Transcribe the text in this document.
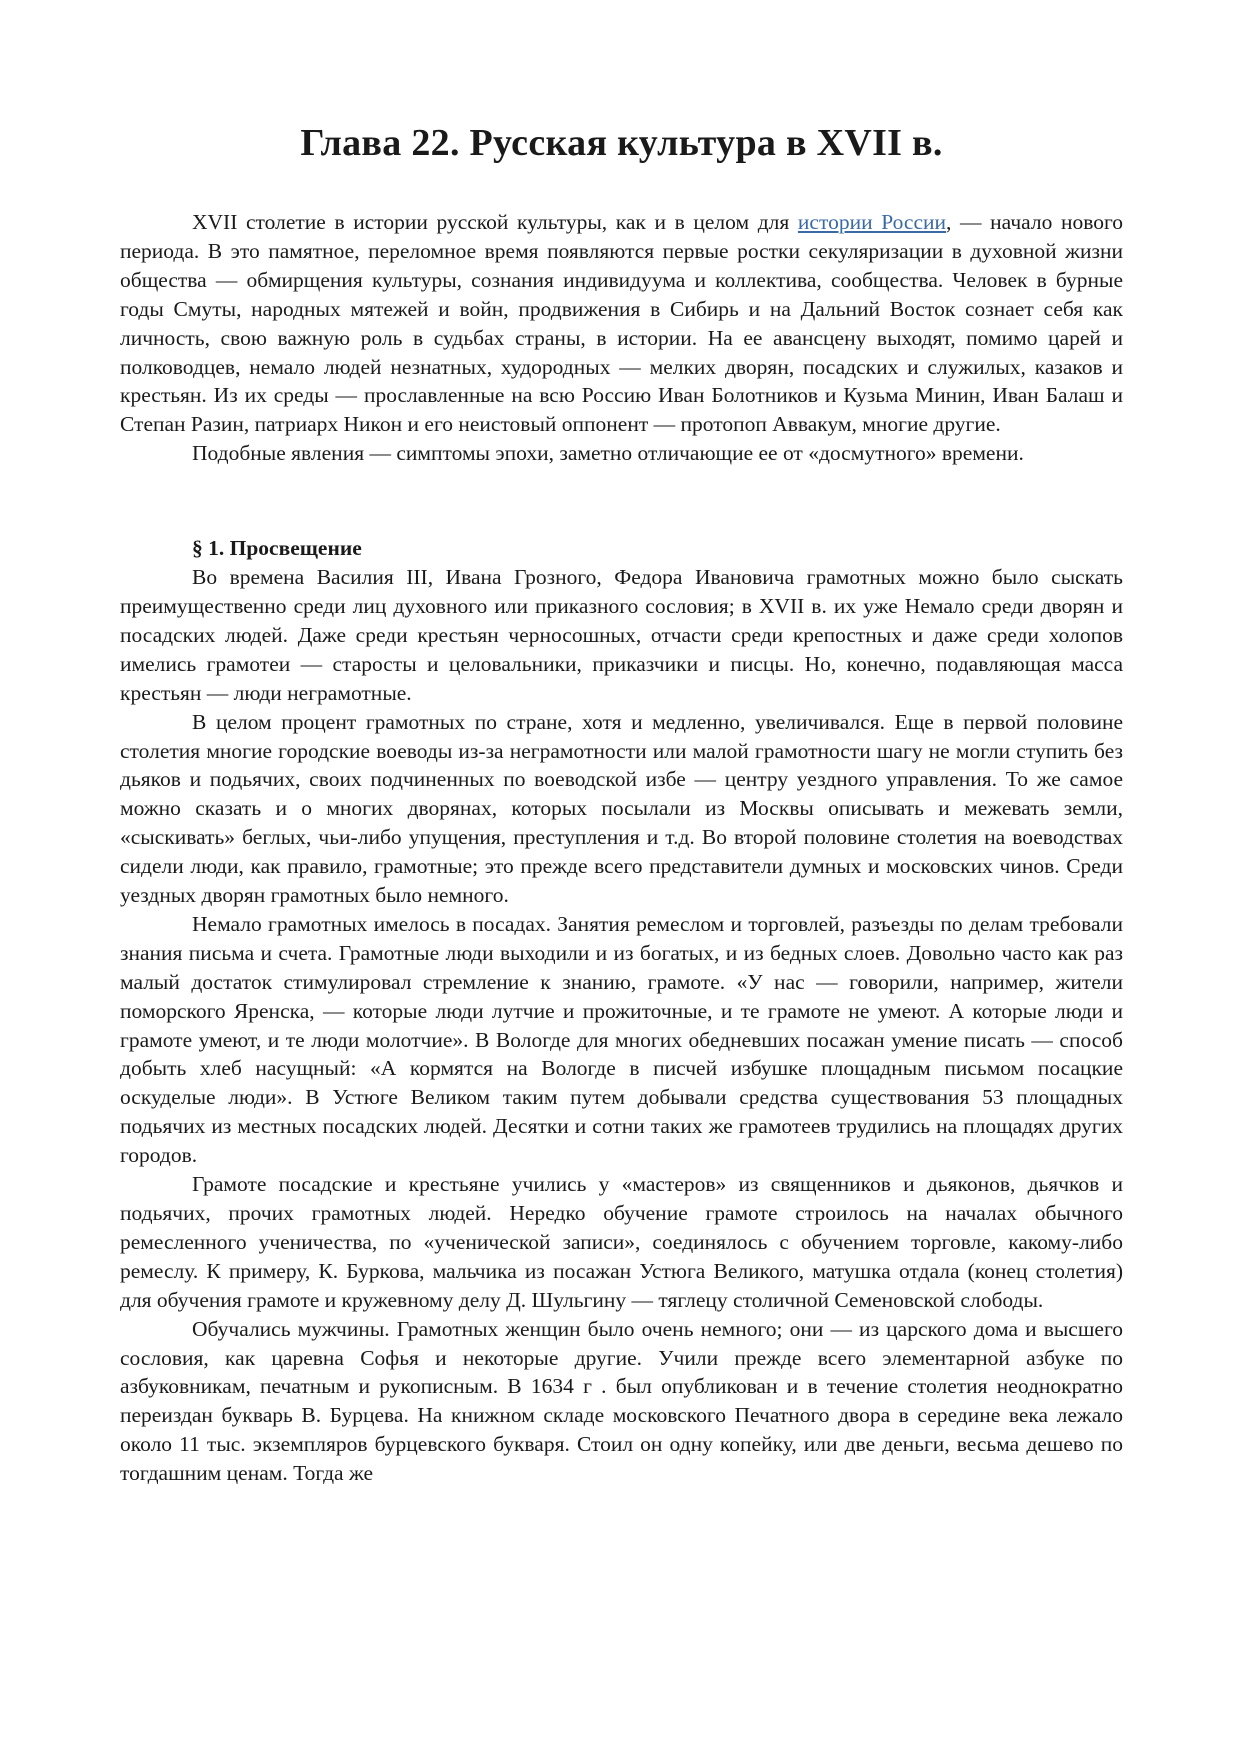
Глава 22. Русская культура в XVII в.

XVII столетие в истории русской культуры, как и в целом для истории России, — начало нового периода. В это памятное, переломное время появляются первые ростки секуляризации в духовной жизни общества — обмирщения культуры, сознания индивидуума и коллектива, сообщества. Человек в бурные годы Смуты, народных мятежей и войн, продвижения в Сибирь и на Дальний Восток сознает себя как личность, свою важную роль в судьбах страны, в истории. На ее авансцену выходят, помимо царей и полководцев, немало людей незнатных, худородных — мелких дворян, посадских и служилых, казаков и крестьян. Из их среды — прославленные на всю Россию Иван Болотников и Кузьма Минин, Иван Балаш и Степан Разин, патриарх Никон и его неистовый оппонент — протопоп Аввакум, многие другие.

Подобные явления — симптомы эпохи, заметно отличающие ее от «досмутного» времени.

§ 1. Просвещение

Во времена Василия III, Ивана Грозного, Федора Ивановича грамотных можно было сыскать преимущественно среди лиц духовного или приказного сословия; в XVII в. их уже Немало среди дворян и посадских людей. Даже среди крестьян черносошных, отчасти среди крепостных и даже среди холопов имелись грамотеи — старосты и целовальники, приказчики и писцы. Но, конечно, подавляющая масса крестьян — люди неграмотные.

В целом процент грамотных по стране, хотя и медленно, увеличивался. Еще в первой половине столетия многие городские воеводы из-за неграмотности или малой грамотности шагу не могли ступить без дьяков и подьячих, своих подчиненных по воеводской избе — центру уездного управления. То же самое можно сказать и о многих дворянах, которых посылали из Москвы описывать и межевать земли, «сыскивать» беглых, чьи-либо упущения, преступления и т.д. Во второй половине столетия на воеводствах сидели люди, как правило, грамотные; это прежде всего представители думных и московских чинов. Среди уездных дворян грамотных было немного.

Немало грамотных имелось в посадах. Занятия ремеслом и торговлей, разъезды по делам требовали знания письма и счета. Грамотные люди выходили и из богатых, и из бедных слоев. Довольно часто как раз малый достаток стимулировал стремление к знанию, грамоте. «У нас — говорили, например, жители поморского Яренска, — которые люди лутчие и прожиточные, и те грамоте не умеют. А которые люди и грамоте умеют, и те люди молотчие». В Вологде для многих обедневших посажан умение писать — способ добыть хлеб насущный: «А кормятся на Вологде в писчей избушке площадным письмом посацкие оскуделые люди». В Устюге Великом таким путем добывали средства существования 53 площадных подьячих из местных посадских людей. Десятки и сотни таких же грамотеев трудились на площадях других городов.

Грамоте посадские и крестьяне учились у «мастеров» из священников и дьяконов, дьячков и подьячих, прочих грамотных людей. Нередко обучение грамоте строилось на началах обычного ремесленного ученичества, по «ученической записи», соединялось с обучением торговле, какому-либо ремеслу. К примеру, К. Буркова, мальчика из посажан Устюга Великого, матушка отдала (конец столетия) для обучения грамоте и кружевному делу Д. Шульгину — тяглецу столичной Семеновской слободы.

Обучались мужчины. Грамотных женщин было очень немного; они — из царского дома и высшего сословия, как царевна Софья и некоторые другие. Учили прежде всего элементарной азбуке по азбуковникам, печатным и рукописным. В 1634 г . был опубликован и в течение столетия неоднократно переиздан букварь В. Бурцева. На книжном складе московского Печатного двора в середине века лежало около 11 тыс. экземпляров бурцевского букваря. Стоил он одну копейку, или две деньги, весьма дешево по тогдашним ценам. Тогда же
